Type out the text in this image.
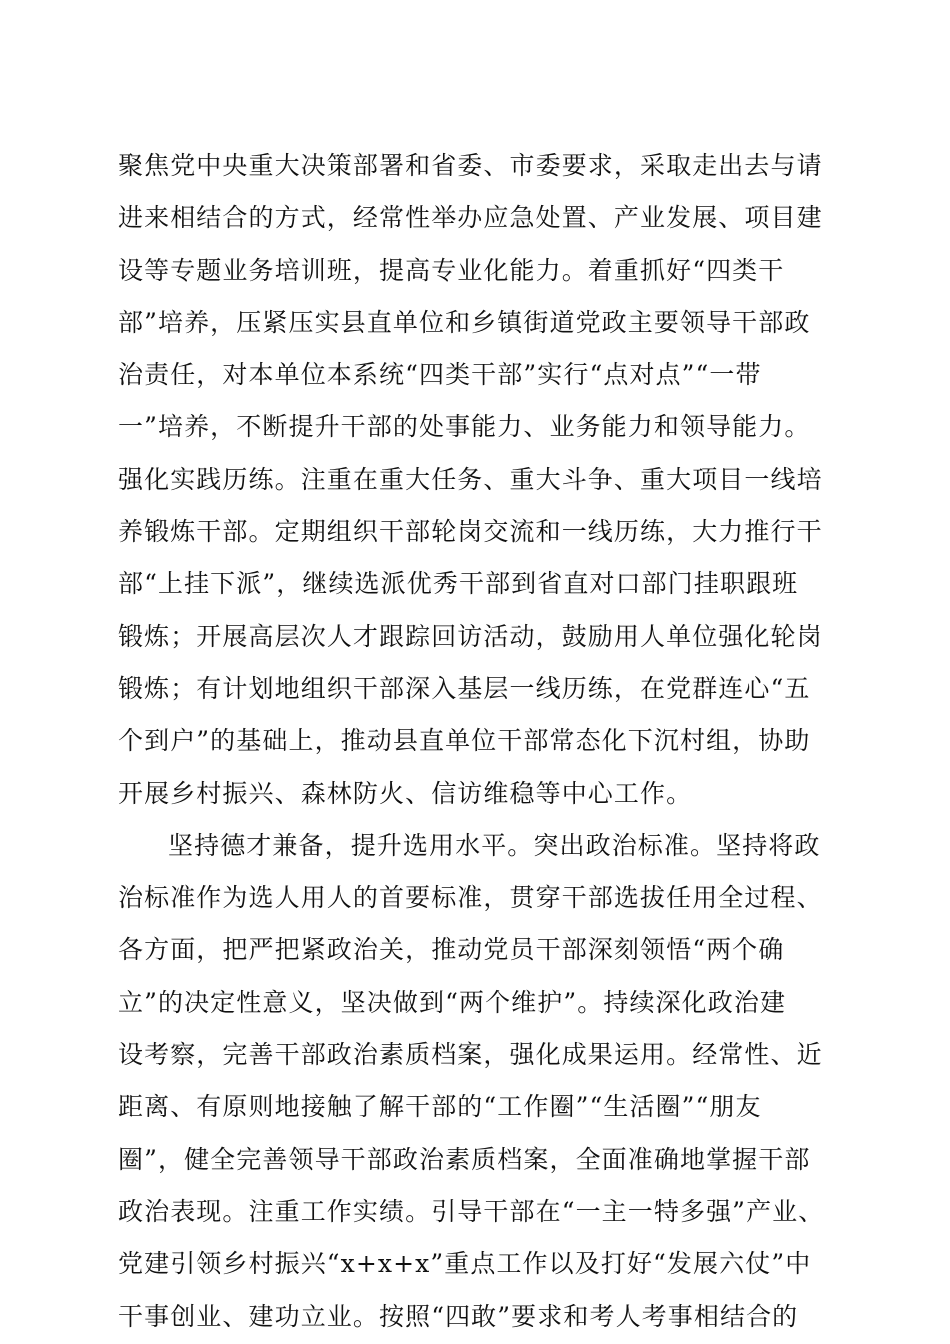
聚焦党中央重大决策部署和省委、市委要求，采取走出去与请
进来相结合的方式，经常性举办应急处置、产业发展、项目建
设等专题业务培训班，提高专业化能力。着重抓好“四类干
部”培养，压紧压实县直单位和乡镇街道党政主要领导干部政
治责任，对本单位本系统“四类干部”实行“点对点”“一带
一”培养，不断提升干部的处事能力、业务能力和领导能力。
强化实践历练。注重在重大任务、重大斗争、重大项目一线培
养锻炼干部。定期组织干部轮岗交流和一线历练，大力推行干
部“上挂下派”，继续选派优秀干部到省直对口部门挂职跟班
锻炼；开展高层次人才跟踪回访活动，鼓励用人单位强化轮岗
锻炼；有计划地组织干部深入基层一线历练，在党群连心“五
个到户”的基础上，推动县直单位干部常态化下沉村组，协助
开展乡村振兴、森林防火、信访维稳等中心工作。
坚持德才兼备，提升选用水平。突出政治标准。坚持将政
治标准作为选人用人的首要标准，贯穿干部选拔任用全过程、
各方面，把严把紧政治关，推动党员干部深刻领悟“两个确
立”的决定性意义，坚决做到“两个维护”。持续深化政治建
设考察，完善干部政治素质档案，强化成果运用。经常性、近
距离、有原则地接触了解干部的“工作圈”“生活圈”“朋友
圈”，健全完善领导干部政治素质档案，全面准确地掌握干部
政治表现。注重工作实绩。引导干部在“一主一特多强”产业、
党建引领乡村振兴“x+x+x”重点工作以及打好“发展六仗”中
干事创业、建功立业。按照“四敢”要求和考人考事相结合的
